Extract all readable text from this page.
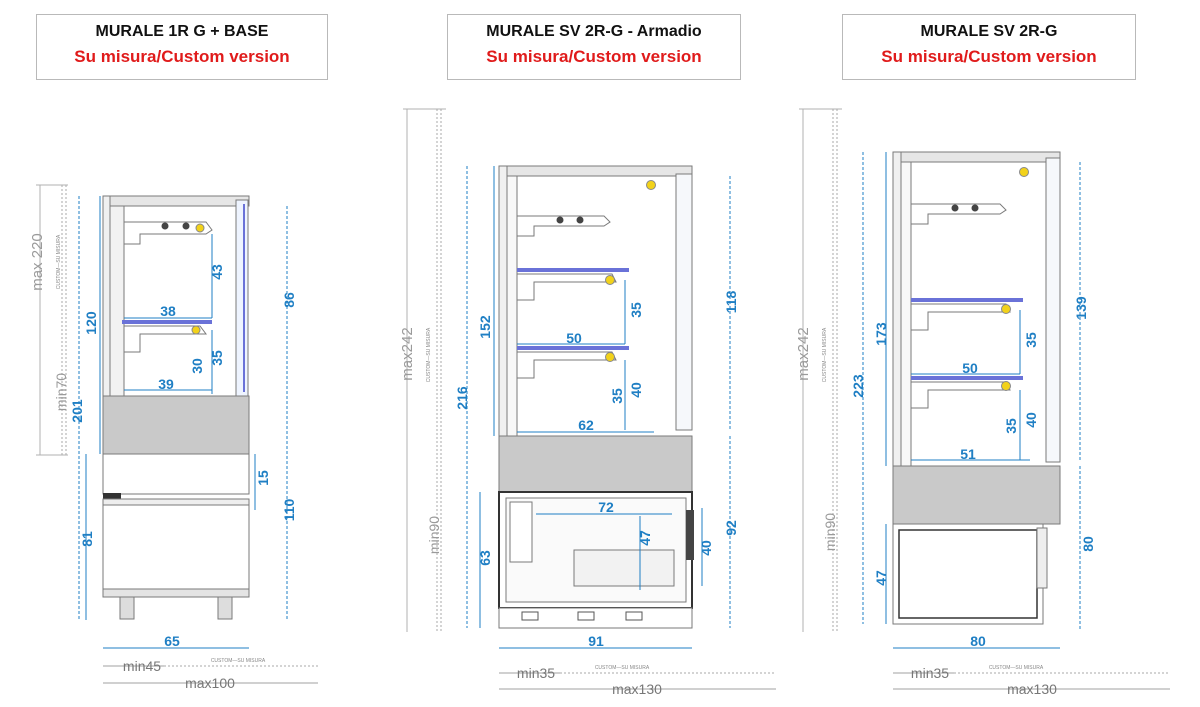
MURALE 1R G + BASE
Su misura/Custom version
MURALE SV 2R-G - Armadio
Su misura/Custom version
MURALE SV 2R-G
Su misura/Custom version
max 220
min70
CUSTOM—SU MISURA
120
201
81
43
38
30
35
39
86
15
110
65
min45	CUSTOM—SU MISURA
max100
max242
min90
CUSTOM—SU MISURA
152
216
63
35
50
35 40
62
118
72
47
40
92
91
min35	CUSTOM—SU MISURA
max130
max242
min90
CUSTOM—SU MISURA	173
223
47
35
50
35 40
51
139
80
80
min35	CUSTOM—SU MISURA
max130
